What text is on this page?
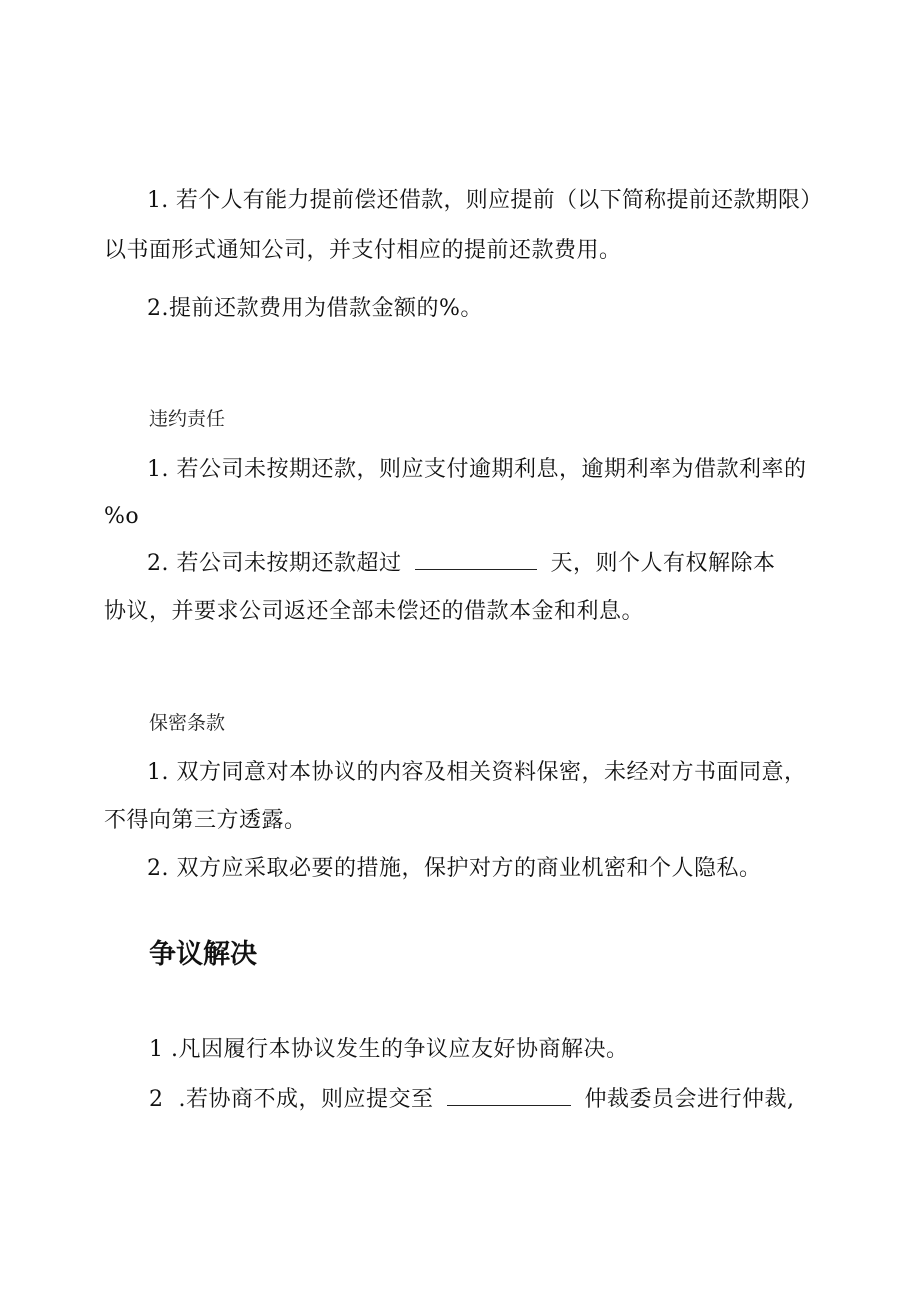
1. 若个人有能力提前偿还借款，则应提前（以下简称提前还款期限）
以书面形式通知公司，并支付相应的提前还款费用。
2.提前还款费用为借款金额的%。
违约责任
1. 若公司未按期还款，则应支付逾期利息，逾期利率为借款利率的
%o
2. 若公司未按期还款超过	天，则个人有权解除本
协议，并要求公司返还全部未偿还的借款本金和利息。
保密条款
1. 双方同意对本协议的内容及相关资料保密，未经对方书面同意，
不得向第三方透露。
2. 双方应采取必要的措施，保护对方的商业机密和个人隐私。
争议解决
1 .凡因履行本协议发生的争议应友好协商解决。
2  .若协商不成，则应提交至	仲裁委员会进行仲裁,
